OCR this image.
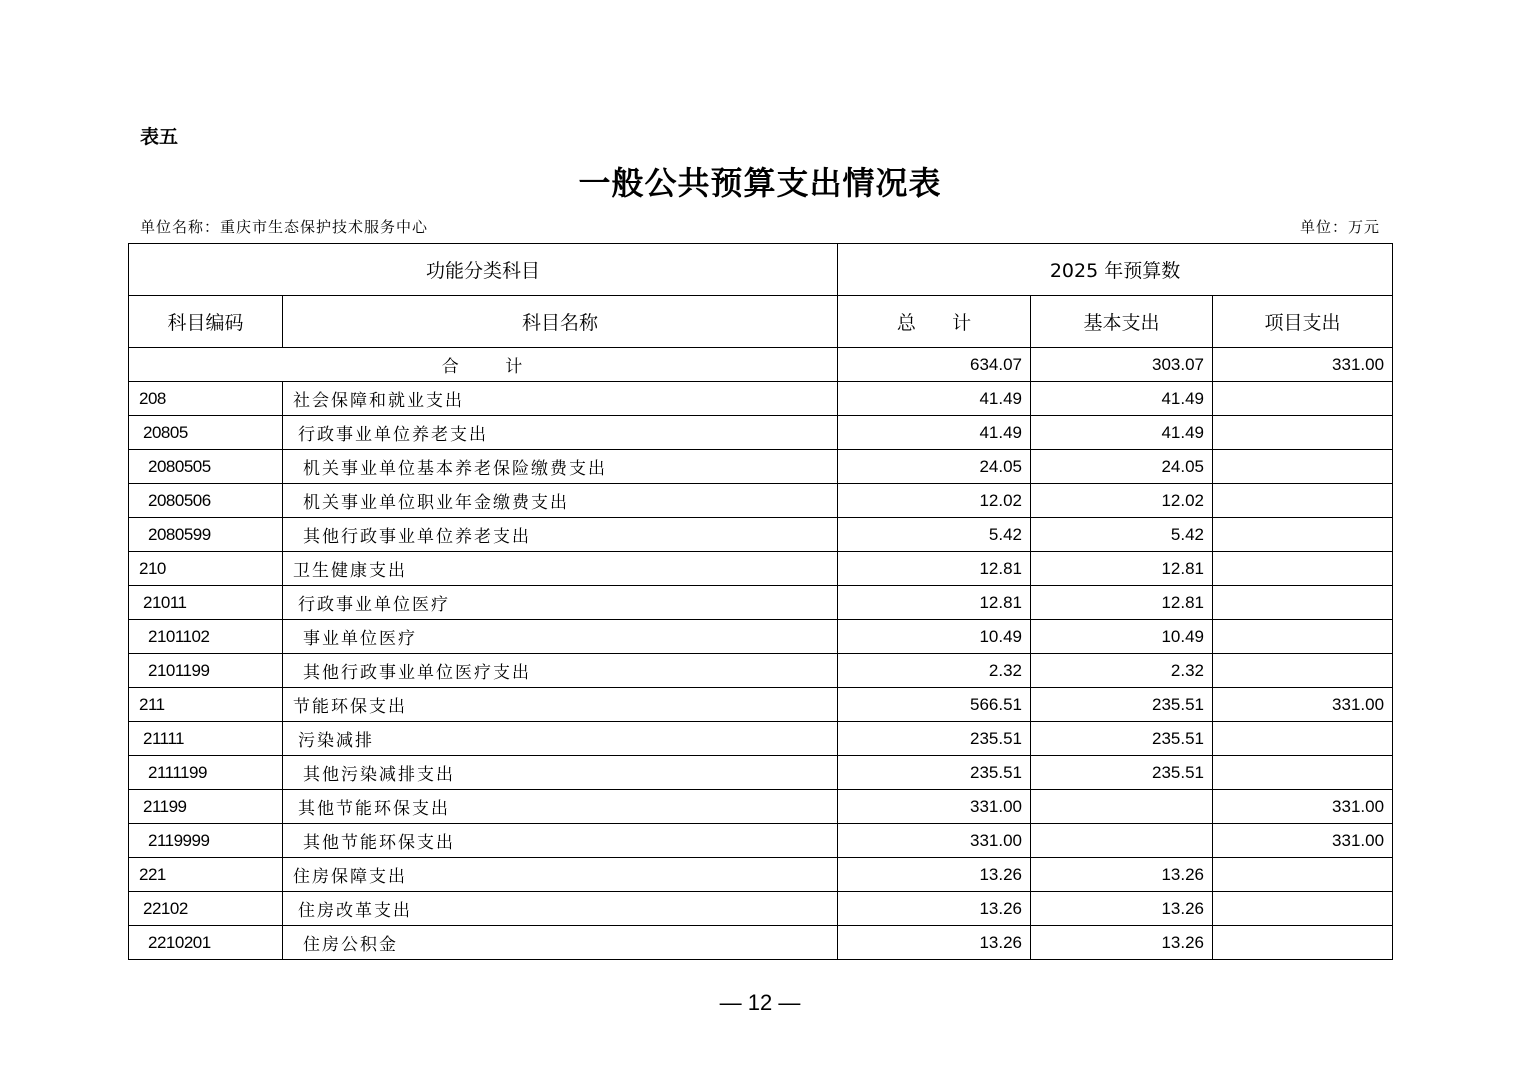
表五
一般公共预算支出情况表
单位名称：重庆市生态保护技术服务中心	单位：万元
功能分类科目		2025 年预算数		
科目编码	科目名称	总      计	基本支出	项目支出
合      计		634.07	303.07	331.00
208	社会保障和就业支出	41.49	41.49	
20805	行政事业单位养老支出	41.49	41.49	
2080505	机关事业单位基本养老保险缴费支出	24.05	24.05	
2080506	机关事业单位职业年金缴费支出	12.02	12.02	
2080599	其他行政事业单位养老支出	5.42	5.42	
210	卫生健康支出	12.81	12.81	
21011	行政事业单位医疗	12.81	12.81	
2101102	事业单位医疗	10.49	10.49	
2101199	其他行政事业单位医疗支出	2.32	2.32	
211	节能环保支出	566.51	235.51	331.00
21111	污染减排	235.51	235.51	
2111199	其他污染减排支出	235.51	235.51	
21199	其他节能环保支出	331.00		331.00
2119999	其他节能环保支出	331.00		331.00
221	住房保障支出	13.26	13.26	
22102	住房改革支出	13.26	13.26	
2210201	住房公积金	13.26	13.26	
— 12 —
